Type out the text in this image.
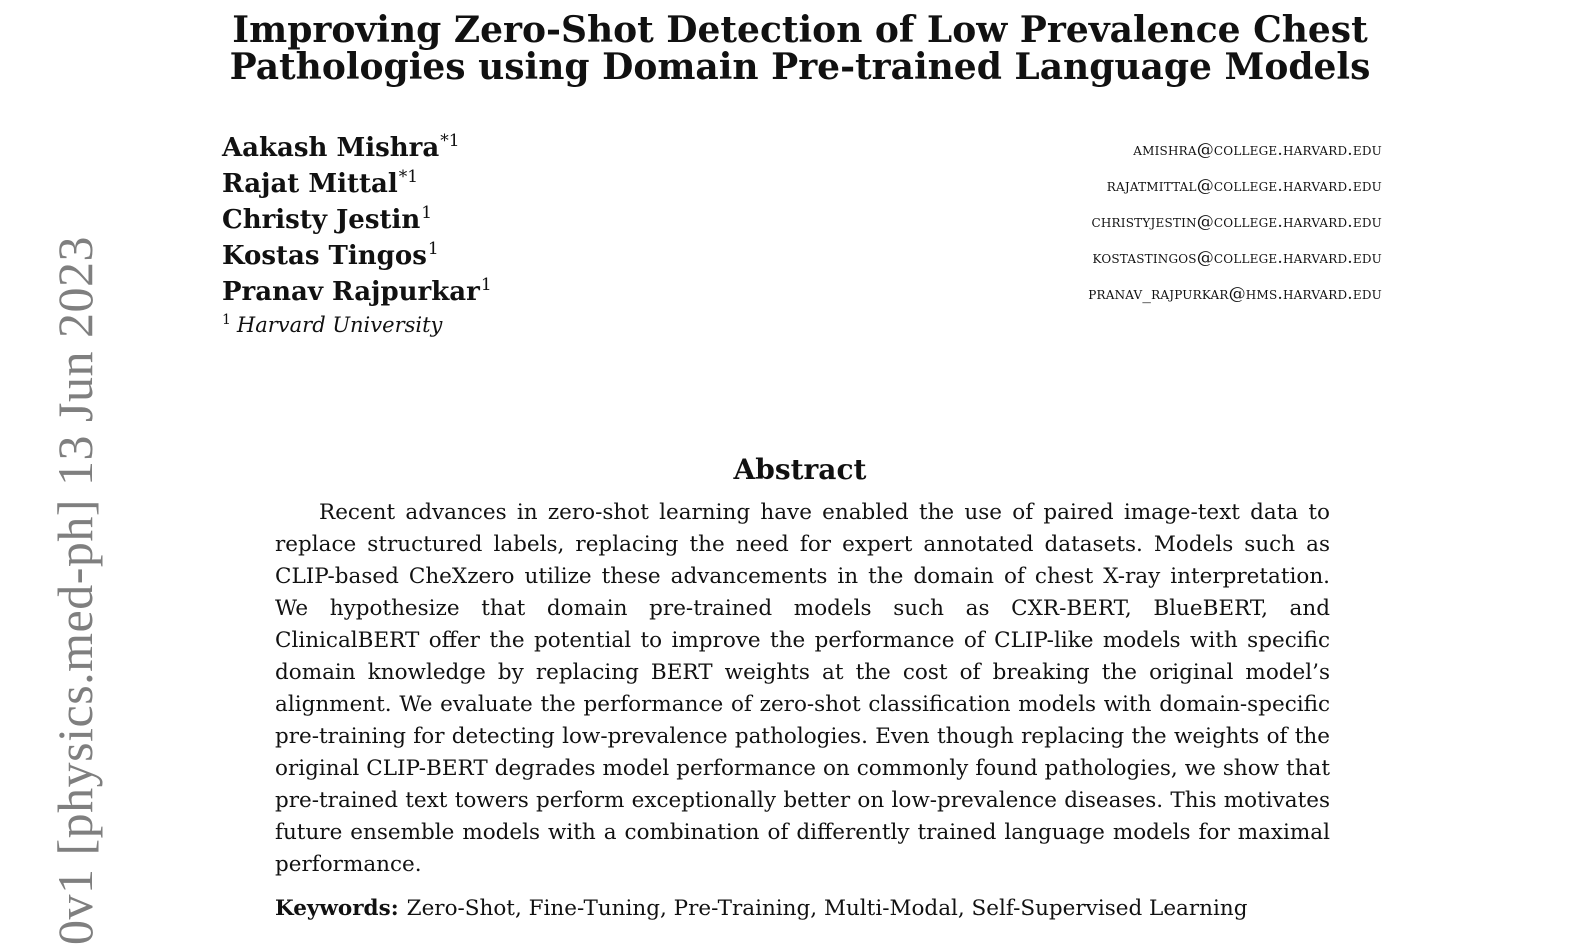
0v1 [physics.med-ph] 13 Jun 2023
Improving Zero-Shot Detection of Low Prevalence Chest
Pathologies using Domain Pre-trained Language Models
Aakash Mishra$^{*1}$	amishra@college.harvard.edu
Rajat Mittal$^{*1}$	rajatmittal@college.harvard.edu
Christy Jestin$^1$	christyjestin@college.harvard.edu
Kostas Tingos$^1$	kostastingos@college.harvard.edu
Pranav Rajpurkar$^1$	pranav_rajpurkar@hms.harvard.edu
$^1$ Harvard University
Abstract

Recent advances in zero-shot learning have enabled the use of paired image-text data to replace structured labels, replacing the need for expert annotated datasets. Models such as CLIP-based CheXzero utilize these advancements in the domain of chest X-ray interpretation. We hypothesize that domain pre-trained models such as CXR-BERT, BlueBERT, and ClinicalBERT offer the potential to improve the performance of CLIP-like models with specific domain knowledge by replacing BERT weights at the cost of breaking the original model’s alignment. We evaluate the performance of zero-shot classification models with domain-specific pre-training for detecting low-prevalence pathologies. Even though replacing the weights of the original CLIP-BERT degrades model performance on commonly found pathologies, we show that pre-trained text towers perform exceptionally better on low-prevalence diseases. This motivates future ensemble models with a combination of differently trained language models for maximal performance.

Keywords: Zero-Shot, Fine-Tuning, Pre-Training, Multi-Modal, Self-Supervised Learning
